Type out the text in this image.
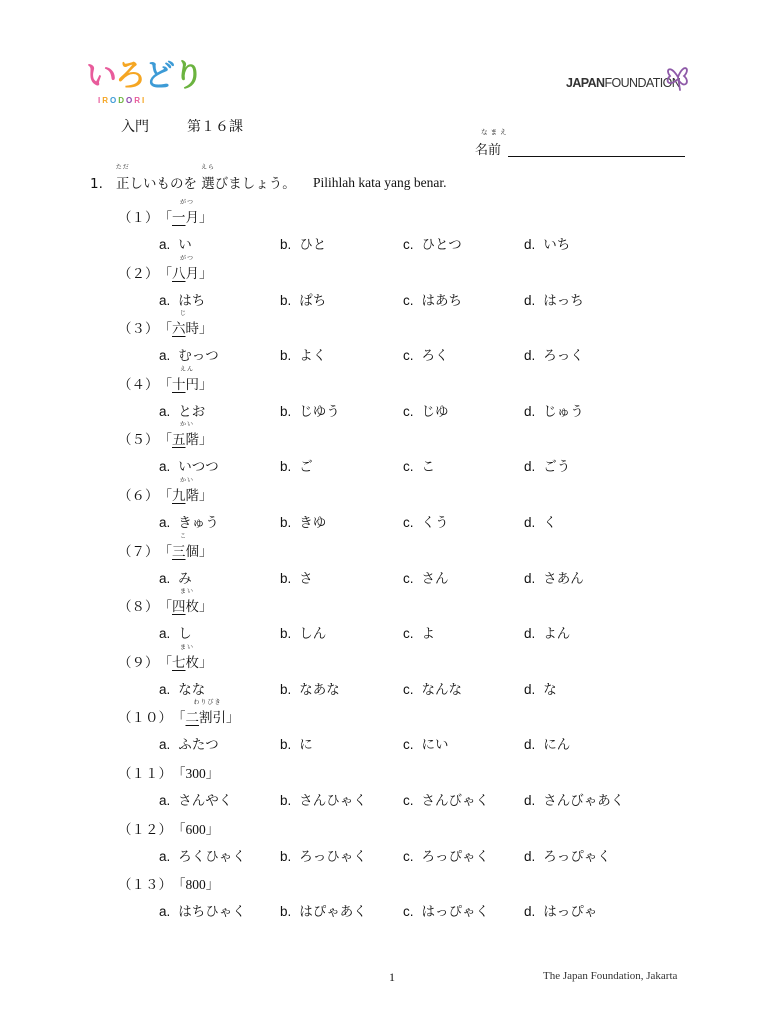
いろどり
IRODORI
JAPANFOUNDATION
入門	第１６課	なまえ
名前
1.
ただ
正しいものを
えら
選びましょう。 Pilihlah kata yang benar.
（１）「
がつ
一月」
a. い	b. ひと	c. ひとつ	d. いち
（２）「
がつ
八月」
a. はち	b. ぱち	c. はあち	d. はっち
（３）「
じ
六時」
a. むっつ	b. よく	c. ろく	d. ろっく
（４）「
えん
十円」
a. とお	b. じゆう	c. じゆ	d. じゅう
（５）「
かい
五階」
a. いつつ	b. ご	c. こ	d. ごう
（６）「
かい
九階」
a. きゅう	b. きゆ	c. くう	d. く
（７）「
こ
三個」
a. み	b. さ	c. さん	d. さあん
（８）「
まい
四枚」
a. し	b. しん	c. よ	d. よん
（９）「
まい
七枚」
a. なな	b. なあな	c. なんな	d. な
（１０）「
わりびき
二割引」
a. ふたつ	b. に	c. にい	d. にん
（１１）「300」
a. さんやく	b. さんひゃく	c. さんびゃく	d. さんびゃあく
（１２）「600」
a. ろくひゃく	b. ろっひゃく	c. ろっぴゃく	d. ろっぴゃく
（１３）「800」
a. はちひゃく	b. はぴゃあく	c. はっぴゃく	d. はっぴゃ
1	The Japan Foundation, Jakarta
